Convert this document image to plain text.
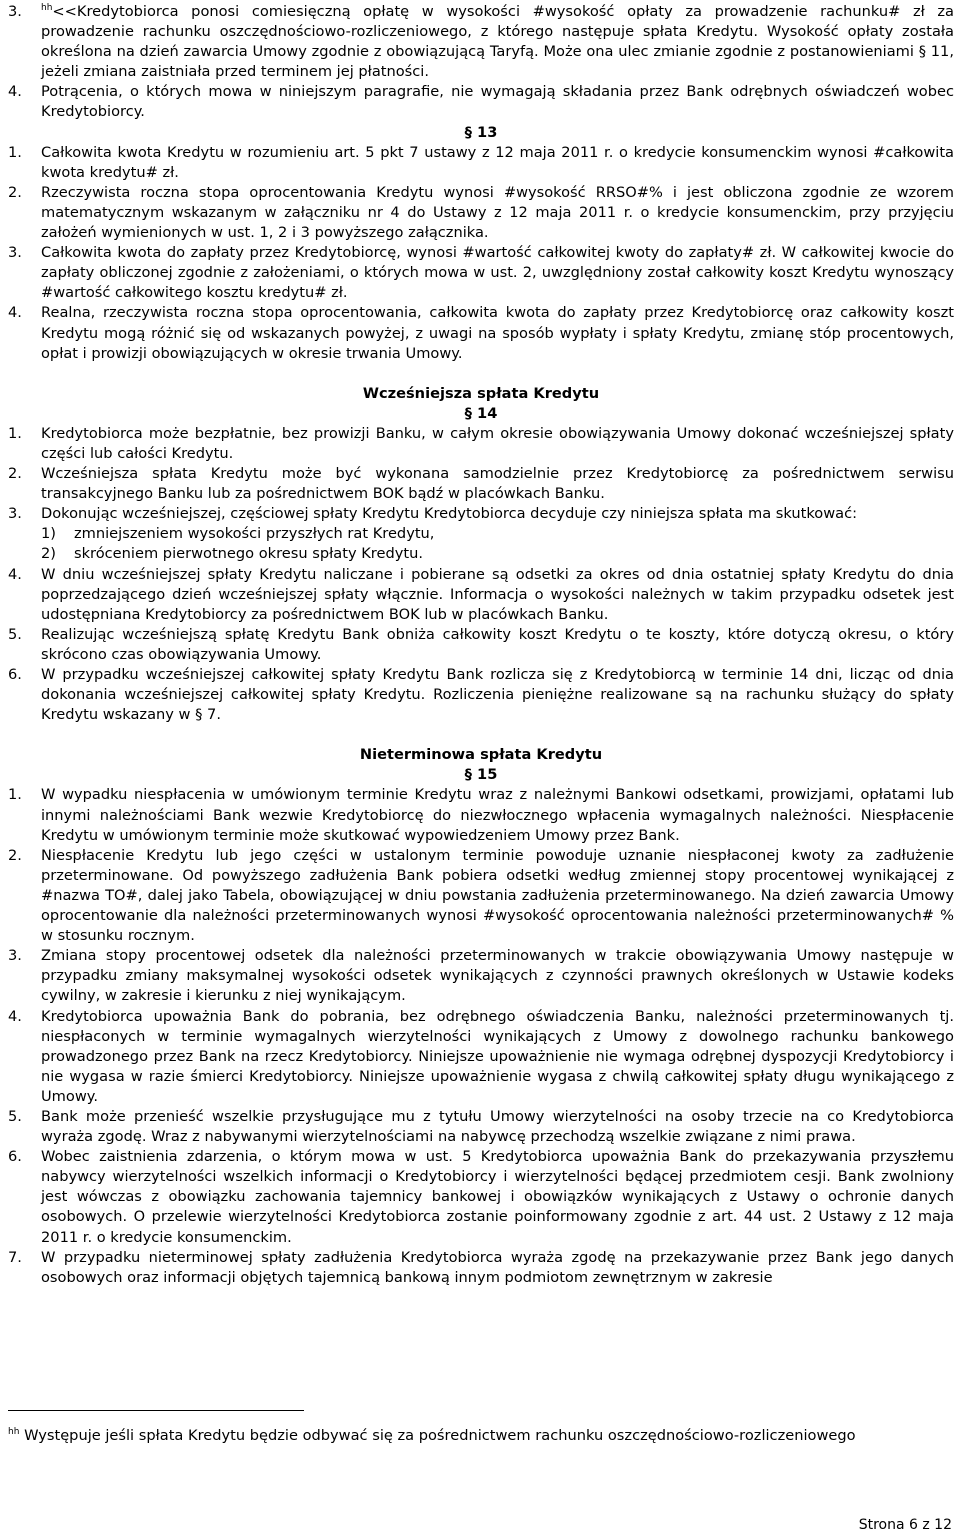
3.	$^{hh}$<<Kredytobiorca ponosi comiesięczną opłatę w wysokości #wysokość opłaty za prowadzenie rachunku# zł za prowadzenie rachunku oszczędnościowo-rozliczeniowego, z którego następuje spłata Kredytu. Wysokość opłaty została określona na dzień zawarcia Umowy zgodnie z obowiązującą Taryfą. Może ona ulec zmianie zgodnie z postanowieniami § 11, jeżeli zmiana zaistniała przed terminem jej płatności.
4.	Potrącenia, o których mowa w niniejszym paragrafie, nie wymagają składania przez Bank odrębnych oświadczeń wobec Kredytobiorcy.
§ 13
1.	Całkowita kwota Kredytu w rozumieniu art. 5 pkt 7 ustawy z 12 maja 2011 r. o kredycie konsumenckim wynosi #całkowita kwota kredytu# zł.
2.	Rzeczywista roczna stopa oprocentowania Kredytu wynosi #wysokość RRSO#% i jest obliczona zgodnie ze wzorem matematycznym wskazanym w załączniku nr 4 do Ustawy z 12 maja 2011 r. o kredycie konsumenckim, przy przyjęciu założeń wymienionych w ust. 1, 2 i 3 powyższego załącznika.
3.	Całkowita kwota do zapłaty przez Kredytobiorcę, wynosi #wartość całkowitej kwoty do zapłaty# zł. W całkowitej kwocie do zapłaty obliczonej zgodnie z założeniami, o których mowa w ust. 2, uwzględniony został całkowity koszt Kredytu wynoszący #wartość całkowitego kosztu kredytu# zł.
4.	Realna, rzeczywista roczna stopa oprocentowania, całkowita kwota do zapłaty przez Kredytobiorcę oraz całkowity koszt Kredytu mogą różnić się od wskazanych powyżej, z uwagi na sposób wypłaty i spłaty Kredytu, zmianę stóp procentowych, opłat i prowizji obowiązujących w okresie trwania Umowy.
Wcześniejsza spłata Kredytu
§ 14
1.	Kredytobiorca może bezpłatnie, bez prowizji Banku, w całym okresie obowiązywania Umowy dokonać wcześniejszej spłaty części lub całości Kredytu.
2.	Wcześniejsza spłata Kredytu może być wykonana samodzielnie przez Kredytobiorcę za pośrednictwem serwisu transakcyjnego Banku lub za pośrednictwem BOK bądź w placówkach Banku.
3.	Dokonując wcześniejszej, częściowej spłaty Kredytu Kredytobiorca decyduje czy niniejsza spłata ma skutkować:
1)	zmniejszeniem wysokości przyszłych rat Kredytu,
2)	skróceniem pierwotnego okresu spłaty Kredytu.
4.	W dniu wcześniejszej spłaty Kredytu naliczane i pobierane są odsetki za okres od dnia ostatniej spłaty Kredytu do dnia poprzedzającego dzień wcześniejszej spłaty włącznie. Informacja o wysokości należnych w takim przypadku odsetek jest udostępniana Kredytobiorcy za pośrednictwem BOK lub w placówkach Banku.
5.	Realizując wcześniejszą spłatę Kredytu Bank obniża całkowity koszt Kredytu o te koszty, które dotyczą okresu, o który skrócono czas obowiązywania Umowy.
6.	W przypadku wcześniejszej całkowitej spłaty Kredytu Bank rozlicza się z Kredytobiorcą w terminie 14 dni, licząc od dnia dokonania wcześniejszej całkowitej spłaty Kredytu. Rozliczenia pieniężne realizowane są na rachunku służący do spłaty Kredytu wskazany w § 7.
Nieterminowa spłata Kredytu
§ 15
1.	W wypadku niespłacenia w umówionym terminie Kredytu wraz z należnymi Bankowi odsetkami, prowizjami, opłatami lub innymi należnościami Bank wezwie Kredytobiorcę do niezwłocznego wpłacenia wymagalnych należności. Niespłacenie Kredytu w umówionym terminie może skutkować wypowiedzeniem Umowy przez Bank.
2.	Niespłacenie Kredytu lub jego części w ustalonym terminie powoduje uznanie niespłaconej kwoty za zadłużenie przeterminowane. Od powyższego zadłużenia Bank pobiera odsetki według zmiennej stopy procentowej wynikającej z #nazwa TO#, dalej jako Tabela, obowiązującej w dniu powstania zadłużenia przeterminowanego. Na dzień zawarcia Umowy oprocentowanie dla należności przeterminowanych wynosi #wysokość oprocentowania należności przeterminowanych# % w stosunku rocznym.
3.	Zmiana stopy procentowej odsetek dla należności przeterminowanych w trakcie obowiązywania Umowy następuje w przypadku zmiany maksymalnej wysokości odsetek wynikających z czynności prawnych określonych w Ustawie kodeks cywilny, w zakresie i kierunku z niej wynikającym.
4.	Kredytobiorca upoważnia Bank do pobrania, bez odrębnego oświadczenia Banku, należności przeterminowanych tj. niespłaconych w terminie wymagalnych wierzytelności wynikających z Umowy z dowolnego rachunku bankowego prowadzonego przez Bank na rzecz Kredytobiorcy. Niniejsze upoważnienie nie wymaga odrębnej dyspozycji Kredytobiorcy i nie wygasa w razie śmierci Kredytobiorcy. Niniejsze upoważnienie wygasa z chwilą całkowitej spłaty długu wynikającego z Umowy.
5.	Bank może przenieść wszelkie przysługujące mu z tytułu Umowy wierzytelności na osoby trzecie na co Kredytobiorca wyraża zgodę. Wraz z nabywanymi wierzytelnościami na nabywcę przechodzą wszelkie związane z nimi prawa.
6.	Wobec zaistnienia zdarzenia, o którym mowa w ust. 5 Kredytobiorca upoważnia Bank do przekazywania przyszłemu nabywcy wierzytelności wszelkich informacji o Kredytobiorcy i wierzytelności będącej przedmiotem cesji. Bank zwolniony jest wówczas z obowiązku zachowania tajemnicy bankowej i obowiązków wynikających z Ustawy o ochronie danych osobowych. O przelewie wierzytelności Kredytobiorca zostanie poinformowany zgodnie z art. 44 ust. 2 Ustawy z 12 maja 2011 r. o kredycie konsumenckim.
7.	W przypadku nieterminowej spłaty zadłużenia Kredytobiorca wyraża zgodę na przekazywanie przez Bank jego danych osobowych oraz informacji objętych tajemnicą bankową innym podmiotom zewnętrznym w zakresie
$^{hh}$ Występuje jeśli spłata Kredytu będzie odbywać się za pośrednictwem rachunku oszczędnościowo-rozliczeniowego
Strona 6 z 12
